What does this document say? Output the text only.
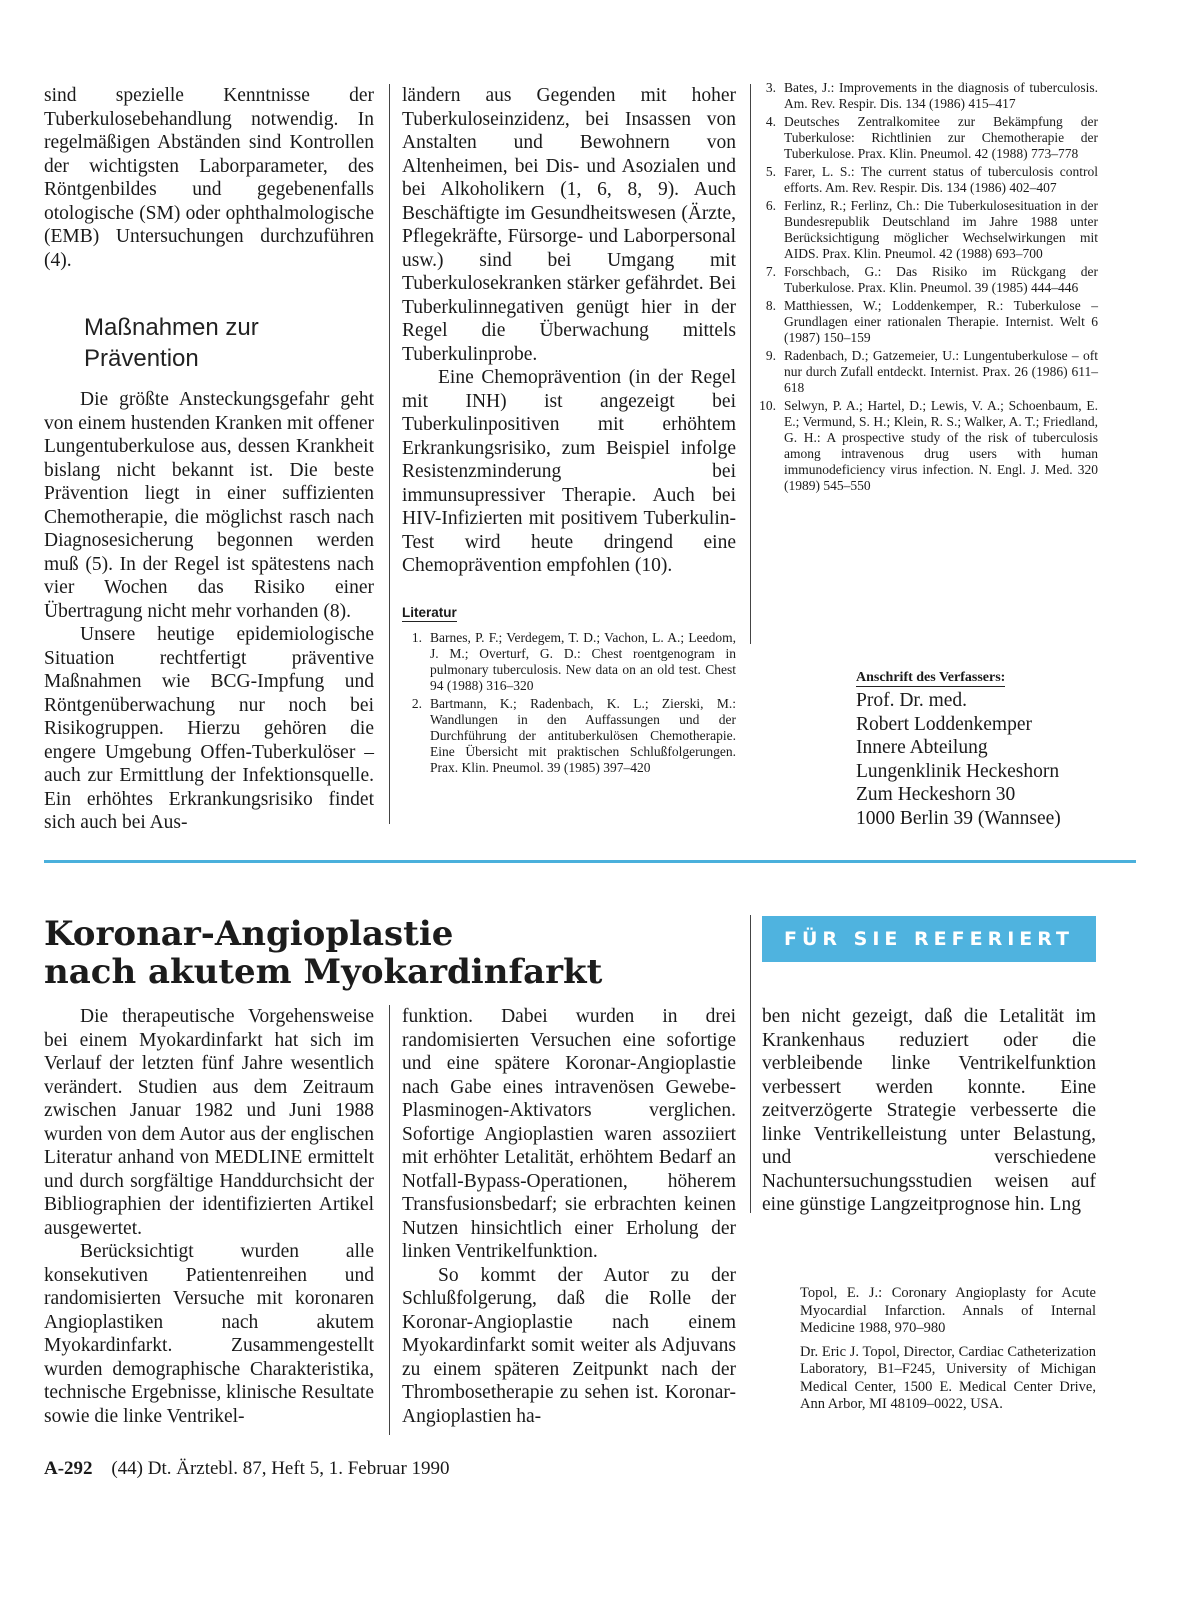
sind spezielle Kenntnisse der Tuberkulosebehandlung notwendig. In regelmäßigen Abständen sind Kontrollen der wichtigsten Laborparameter, des Röntgenbildes und gegebenenfalls otologische (SM) oder ophthalmologische (EMB) Untersuchungen durchzuführen (4).

Maßnahmen zur

Prävention

Die größte Ansteckungsgefahr geht von einem hustenden Kranken mit offener Lungentuberkulose aus, dessen Krankheit bislang nicht bekannt ist. Die beste Prävention liegt in einer suffizienten Chemotherapie, die möglichst rasch nach Diagnosesicherung begonnen werden muß (5). In der Regel ist spätestens nach vier Wochen das Risiko einer Übertragung nicht mehr vorhanden (8).

Unsere heutige epidemiologische Situation rechtfertigt präventive Maßnahmen wie BCG-Impfung und Röntgenüberwachung nur noch bei Risikogruppen. Hierzu gehören die engere Umgebung Offen-Tuberkulöser – auch zur Ermittlung der Infektionsquelle. Ein erhöhtes Erkrankungsrisiko findet sich auch bei Aus-

ländern aus Gegenden mit hoher Tuberkuloseinzidenz, bei Insassen von Anstalten und Bewohnern von Altenheimen, bei Dis- und Asozialen und bei Alkoholikern (1, 6, 8, 9). Auch Beschäftigte im Gesundheitswesen (Ärzte, Pflegekräfte, Fürsorge- und Laborpersonal usw.) sind bei Umgang mit Tuberkulosekranken stärker gefährdet. Bei Tuberkulinnegativen genügt hier in der Regel die Überwachung mittels Tuberkulinprobe.

Eine Chemoprävention (in der Regel mit INH) ist angezeigt bei Tuberkulinpositiven mit erhöhtem Erkrankungsrisiko, zum Beispiel infolge Resistenzminderung bei immunsupressiver Therapie. Auch bei HIV-Infizierten mit positivem Tuberkulin-Test wird heute dringend eine Chemoprävention empfohlen (10).

Literatur
1. Barnes, P. F.; Verdegem, T. D.; Vachon, L. A.; Leedom, J. M.; Overturf, G. D.: Chest roentgenogram in pulmonary tuberculosis. New data on an old test. Chest 94 (1988) 316–320
2. Bartmann, K.; Radenbach, K. L.; Zierski, M.: Wandlungen in den Auffassungen und der Durchführung der antituberkulösen Chemotherapie. Eine Übersicht mit praktischen Schlußfolgerungen. Prax. Klin. Pneumol. 39 (1985) 397–420
3. Bates, J.: Improvements in the diagnosis of tuberculosis. Am. Rev. Respir. Dis. 134 (1986) 415–417
4. Deutsches Zentralkomitee zur Bekämpfung der Tuberkulose: Richtlinien zur Chemotherapie der Tuberkulose. Prax. Klin. Pneumol. 42 (1988) 773–778
5. Farer, L. S.: The current status of tuberculosis control efforts. Am. Rev. Respir. Dis. 134 (1986) 402–407
6. Ferlinz, R.; Ferlinz, Ch.: Die Tuberkulosesituation in der Bundesrepublik Deutschland im Jahre 1988 unter Berücksichtigung möglicher Wechselwirkungen mit AIDS. Prax. Klin. Pneumol. 42 (1988) 693–700
7. Forschbach, G.: Das Risiko im Rückgang der Tuberkulose. Prax. Klin. Pneumol. 39 (1985) 444–446
8. Matthiessen, W.; Loddenkemper, R.: Tuberkulose – Grundlagen einer rationalen Therapie. Internist. Welt 6 (1987) 150–159
9. Radenbach, D.; Gatzemeier, U.: Lungentuberkulose – oft nur durch Zufall entdeckt. Internist. Prax. 26 (1986) 611–618
10. Selwyn, P. A.; Hartel, D.; Lewis, V. A.; Schoenbaum, E. E.; Vermund, S. H.; Klein, R. S.; Walker, A. T.; Friedland, G. H.: A prospective study of the risk of tuberculosis among intravenous drug users with human immunodeficiency virus infection. N. Engl. J. Med. 320 (1989) 545–550
Anschrift des Verfassers:
Prof. Dr. med.
Robert Loddenkemper
Innere Abteilung
Lungenklinik Heckeshorn
Zum Heckeshorn 30
1000 Berlin 39 (Wannsee)

Koronar-Angioplastie

nach akutem Myokardinfarkt

FÜR SIE REFERIERT

Die therapeutische Vorgehensweise bei einem Myokardinfarkt hat sich im Verlauf der letzten fünf Jahre wesentlich verändert. Studien aus dem Zeitraum zwischen Januar 1982 und Juni 1988 wurden von dem Autor aus der englischen Literatur anhand von MEDLINE ermittelt und durch sorgfältige Handdurchsicht der Bibliographien der identifizierten Artikel ausgewertet.

Berücksichtigt wurden alle konsekutiven Patientenreihen und randomisierten Versuche mit koronaren Angioplastiken nach akutem Myokardinfarkt. Zusammengestellt wurden demographische Charakteristika, technische Ergebnisse, klinische Resultate sowie die linke Ventrikel-

funktion. Dabei wurden in drei randomisierten Versuchen eine sofortige und eine spätere Koronar-Angioplastie nach Gabe eines intravenösen Gewebe-Plasminogen-Aktivators verglichen. Sofortige Angioplastien waren assoziiert mit erhöhter Letalität, erhöhtem Bedarf an Notfall-Bypass-Operationen, höherem Transfusionsbedarf; sie erbrachten keinen Nutzen hinsichtlich einer Erholung der linken Ventrikelfunktion.

So kommt der Autor zu der Schlußfolgerung, daß die Rolle der Koronar-Angioplastie nach einem Myokardinfarkt somit weiter als Adjuvans zu einem späteren Zeitpunkt nach der Thrombosetherapie zu sehen ist. Koronar-Angioplastien ha-

ben nicht gezeigt, daß die Letalität im Krankenhaus reduziert oder die verbleibende linke Ventrikelfunktion verbessert werden konnte. Eine zeitverzögerte Strategie verbesserte die linke Ventrikelleistung unter Belastung, und verschiedene Nachuntersuchungsstudien weisen auf eine günstige Langzeitprognose hin. Lng

Topol, E. J.: Coronary Angioplasty for Acute Myocardial Infarction. Annals of Internal Medicine 1988, 970–980

Dr. Eric J. Topol, Director, Cardiac Catheterization Laboratory, B1–F245, University of Michigan Medical Center, 1500 E. Medical Center Drive, Ann Arbor, MI 48109–0022, USA.

A-292 (44) Dt. Ärztebl. 87, Heft 5, 1. Februar 1990
